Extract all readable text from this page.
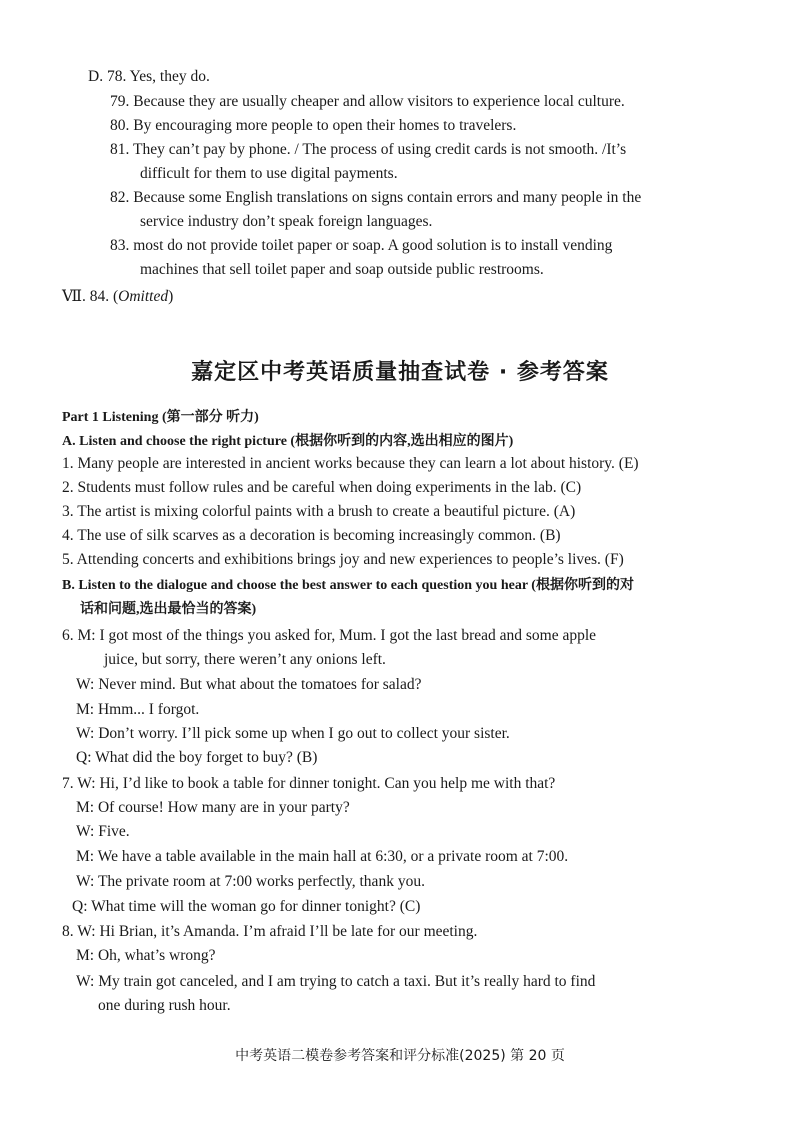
D. 78. Yes, they do.
79. Because they are usually cheaper and allow visitors to experience local culture.
80. By encouraging more people to open their homes to travelers.
81. They can’t pay by phone. / The process of using credit cards is not smooth. /It’s
difficult for them to use digital payments.
82. Because some English translations on signs contain errors and many people in the
service industry don’t speak foreign languages.
83. most do not provide toilet paper or soap. A good solution is to install vending
machines that sell toilet paper and soap outside public restrooms.
Ⅶ. 84. (Omitted)
嘉定区中考英语质量抽查试卷 · 参考答案
Part 1 Listening (第一部分 听力)
A. Listen and choose the right picture (根据你听到的内容,选出相应的图片)
1. Many people are interested in ancient works because they can learn a lot about history. (E)
2. Students must follow rules and be careful when doing experiments in the lab. (C)
3. The artist is mixing colorful paints with a brush to create a beautiful picture. (A)
4. The use of silk scarves as a decoration is becoming increasingly common. (B)
5. Attending concerts and exhibitions brings joy and new experiences to people’s lives. (F)
B. Listen to the dialogue and choose the best answer to each question you hear (根据你听到的对
话和问题,选出最恰当的答案)
6. M: I got most of the things you asked for, Mum. I got the last bread and some apple
juice, but sorry, there weren’t any onions left.
W: Never mind. But what about the tomatoes for salad?
M: Hmm... I forgot.
W: Don’t worry. I’ll pick some up when I go out to collect your sister.
Q: What did the boy forget to buy? (B)
7. W: Hi, I’d like to book a table for dinner tonight. Can you help me with that?
M: Of course! How many are in your party?
W: Five.
M: We have a table available in the main hall at 6:30, or a private room at 7:00.
W: The private room at 7:00 works perfectly, thank you.
Q: What time will the woman go for dinner tonight? (C)
8. W: Hi Brian, it’s Amanda. I’m afraid I’ll be late for our meeting.
M: Oh, what’s wrong?
W: My train got canceled, and I am trying to catch a taxi. But it’s really hard to find
one during rush hour.
中考英语二模卷参考答案和评分标准(2025) 第 20 页
